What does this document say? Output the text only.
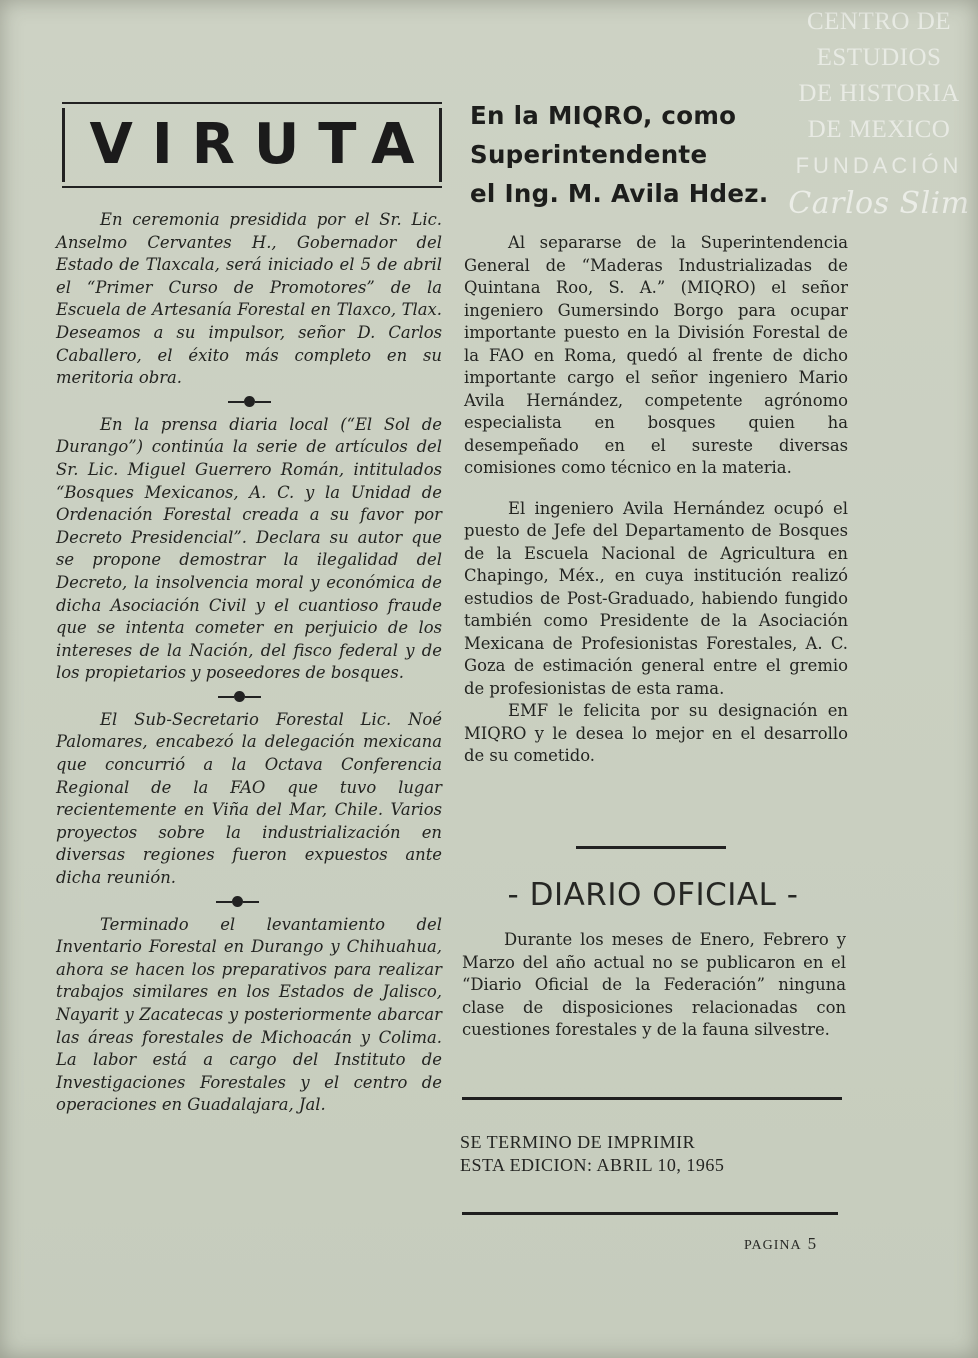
CENTRO DE
ESTUDIOS
DE HISTORIA
DE MEXICO
FUNDACIÓN
Carlos Slim
VIRUTA

En ceremonia presidida por el Sr. Lic. Anselmo Cervantes H., Gobernador del Estado de Tlaxcala, será iniciado el 5 de abril el “Primer Curso de Promotores” de la Escuela de Artesanía Forestal en Tlaxco, Tlax. Deseamos a su impulsor, señor D. Carlos Caballero, el éxito más completo en su meritoria obra.

En la prensa diaria local (“El Sol de Durango”) continúa la serie de artículos del Sr. Lic. Miguel Guerrero Román, intitulados “Bosques Mexicanos, A. C. y la Unidad de Ordenación Forestal creada a su favor por Decreto Presidencial”. Declara su autor que se propone demostrar la ilegalidad del Decreto, la insolvencia moral y económica de dicha Asociación Civil y el cuantioso fraude que se intenta cometer en perjuicio de los intereses de la Nación, del fisco federal y de los propietarios y poseedores de bosques.

El Sub-Secretario Forestal Lic. Noé Palomares, encabezó la delegación mexicana que concurrió a la Octava Conferencia Regional de la FAO que tuvo lugar recientemente en Viña del Mar, Chile. Varios proyectos sobre la industrialización en diversas regiones fueron expuestos ante dicha reunión.

Terminado el levantamiento del Inventario Forestal en Durango y Chihuahua, ahora se hacen los preparativos para realizar trabajos similares en los Estados de Jalisco, Nayarit y Zacatecas y posteriormente abarcar las áreas forestales de Michoacán y Colima. La labor está a cargo del Instituto de Investigaciones Forestales y el centro de operaciones en Guadalajara, Jal.

En la MIQRO, como
Superintendente
el Ing. M. Avila Hdez.

Al separarse de la Superintendencia General de “Maderas Industrializadas de Quintana Roo, S. A.” (MIQRO) el señor ingeniero Gumersindo Borgo para ocupar importante puesto en la División Forestal de la FAO en Roma, quedó al frente de dicho importante cargo el señor ingeniero Mario Avila Hernández, competente agrónomo especialista en bosques quien ha desempeñado en el sureste diversas comisiones como técnico en la materia.

El ingeniero Avila Hernández ocupó el puesto de Jefe del Departamento de Bosques de la Escuela Nacional de Agricultura en Chapingo, Méx., en cuya institución realizó estudios de Post-Graduado, habiendo fungido también como Presidente de la Asociación Mexicana de Profesionistas Forestales, A. C. Goza de estimación general entre el gremio de profesionistas de esta rama.

EMF le felicita por su designación en MIQRO y le desea lo mejor en el desarrollo de su cometido.

- DIARIO OFICIAL -

Durante los meses de Enero, Febrero y Marzo del año actual no se publicaron en el “Diario Oficial de la Federación” ninguna clase de disposiciones relacionadas con cuestiones forestales y de la fauna silvestre.

SE TERMINO DE IMPRIMIR
ESTA EDICION: ABRIL 10, 1965
PAGINA 5
